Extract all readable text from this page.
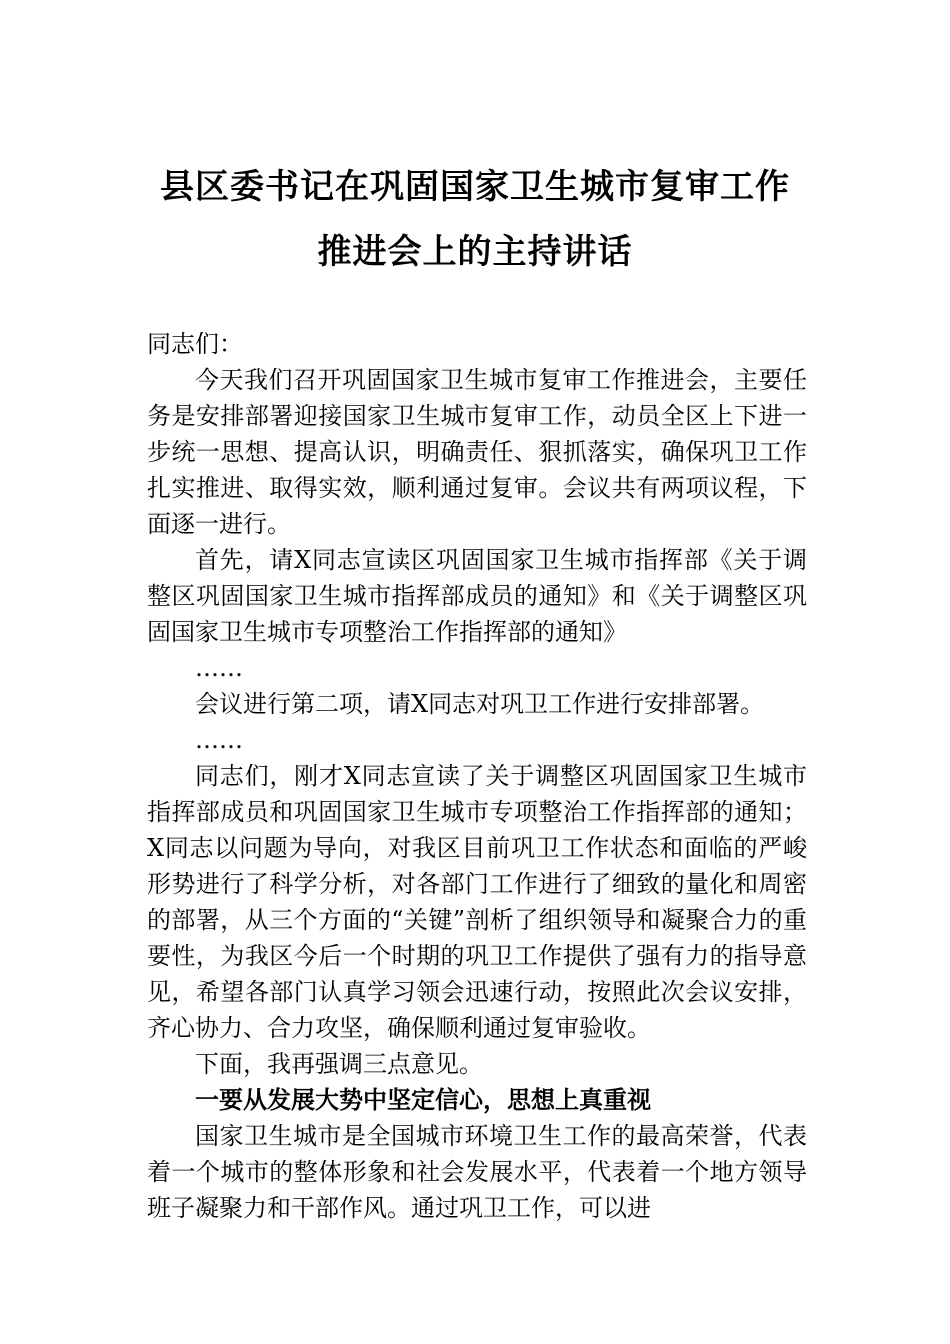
县区委书记在巩固国家卫生城市复审工作
推进会上的主持讲话

同志们：

今天我们召开巩固国家卫生城市复审工作推进会，主要任务是安排部署迎接国家卫生城市复审工作，动员全区上下进一步统一思想、提高认识，明确责任、狠抓落实，确保巩卫工作扎实推进、取得实效，顺利通过复审。会议共有两项议程，下面逐一进行。

首先，请X同志宣读区巩固国家卫生城市指挥部《关于调整区巩固国家卫生城市指挥部成员的通知》和《关于调整区巩固国家卫生城市专项整治工作指挥部的通知》

……

会议进行第二项，请X同志对巩卫工作进行安排部署。

……

同志们，刚才X同志宣读了关于调整区巩固国家卫生城市指挥部成员和巩固国家卫生城市专项整治工作指挥部的通知；X同志以问题为导向，对我区目前巩卫工作状态和面临的严峻形势进行了科学分析，对各部门工作进行了细致的量化和周密的部署，从三个方面的“关键”剖析了组织领导和凝聚合力的重要性，为我区今后一个时期的巩卫工作提供了强有力的指导意见，希望各部门认真学习领会迅速行动，按照此次会议安排，齐心协力、合力攻坚，确保顺利通过复审验收。

下面，我再强调三点意见。

一要从发展大势中坚定信心，思想上真重视

国家卫生城市是全国城市环境卫生工作的最高荣誉，代表着一个城市的整体形象和社会发展水平，代表着一个地方领导班子凝聚力和干部作风。通过巩卫工作，可以进
